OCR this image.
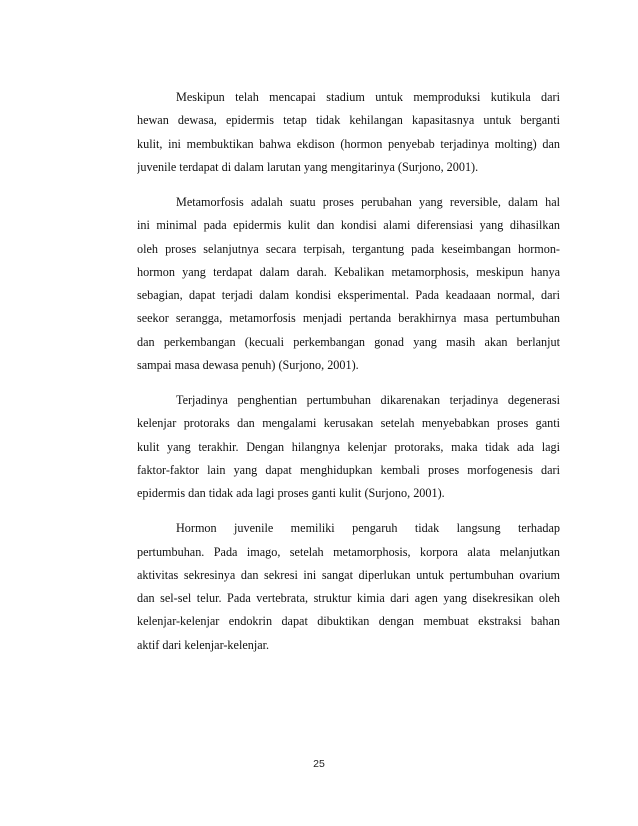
Meskipun telah mencapai stadium untuk memproduksi kutikula dari
hewan dewasa, epidermis tetap tidak kehilangan kapasitasnya untuk berganti
kulit, ini membuktikan bahwa ekdison (hormon penyebab terjadinya molting) dan
juvenile terdapat di dalam larutan yang mengitarinya (Surjono, 2001).
Metamorfosis adalah suatu proses perubahan yang reversible, dalam hal
ini minimal pada epidermis kulit dan kondisi alami diferensiasi yang dihasilkan
oleh proses selanjutnya secara terpisah, tergantung pada keseimbangan hormon-
hormon yang terdapat dalam darah. Kebalikan metamorphosis, meskipun hanya
sebagian, dapat terjadi dalam kondisi eksperimental. Pada keadaaan normal, dari
seekor serangga, metamorfosis menjadi pertanda berakhirnya masa pertumbuhan
dan perkembangan (kecuali perkembangan gonad yang masih akan berlanjut
sampai masa dewasa penuh) (Surjono, 2001).
Terjadinya penghentian pertumbuhan dikarenakan terjadinya degenerasi
kelenjar protoraks dan mengalami kerusakan setelah menyebabkan proses ganti
kulit yang terakhir. Dengan hilangnya kelenjar protoraks, maka tidak ada lagi
faktor-faktor lain yang dapat menghidupkan kembali proses morfogenesis dari
epidermis dan tidak ada lagi proses ganti kulit (Surjono, 2001).
Hormon juvenile memiliki pengaruh tidak langsung terhadap
pertumbuhan. Pada imago, setelah metamorphosis, korpora alata melanjutkan
aktivitas sekresinya dan sekresi ini sangat diperlukan untuk pertumbuhan ovarium
dan sel-sel telur. Pada vertebrata, struktur kimia dari agen yang disekresikan oleh
kelenjar-kelenjar endokrin dapat dibuktikan dengan membuat ekstraksi bahan
aktif dari kelenjar-kelenjar.
25
